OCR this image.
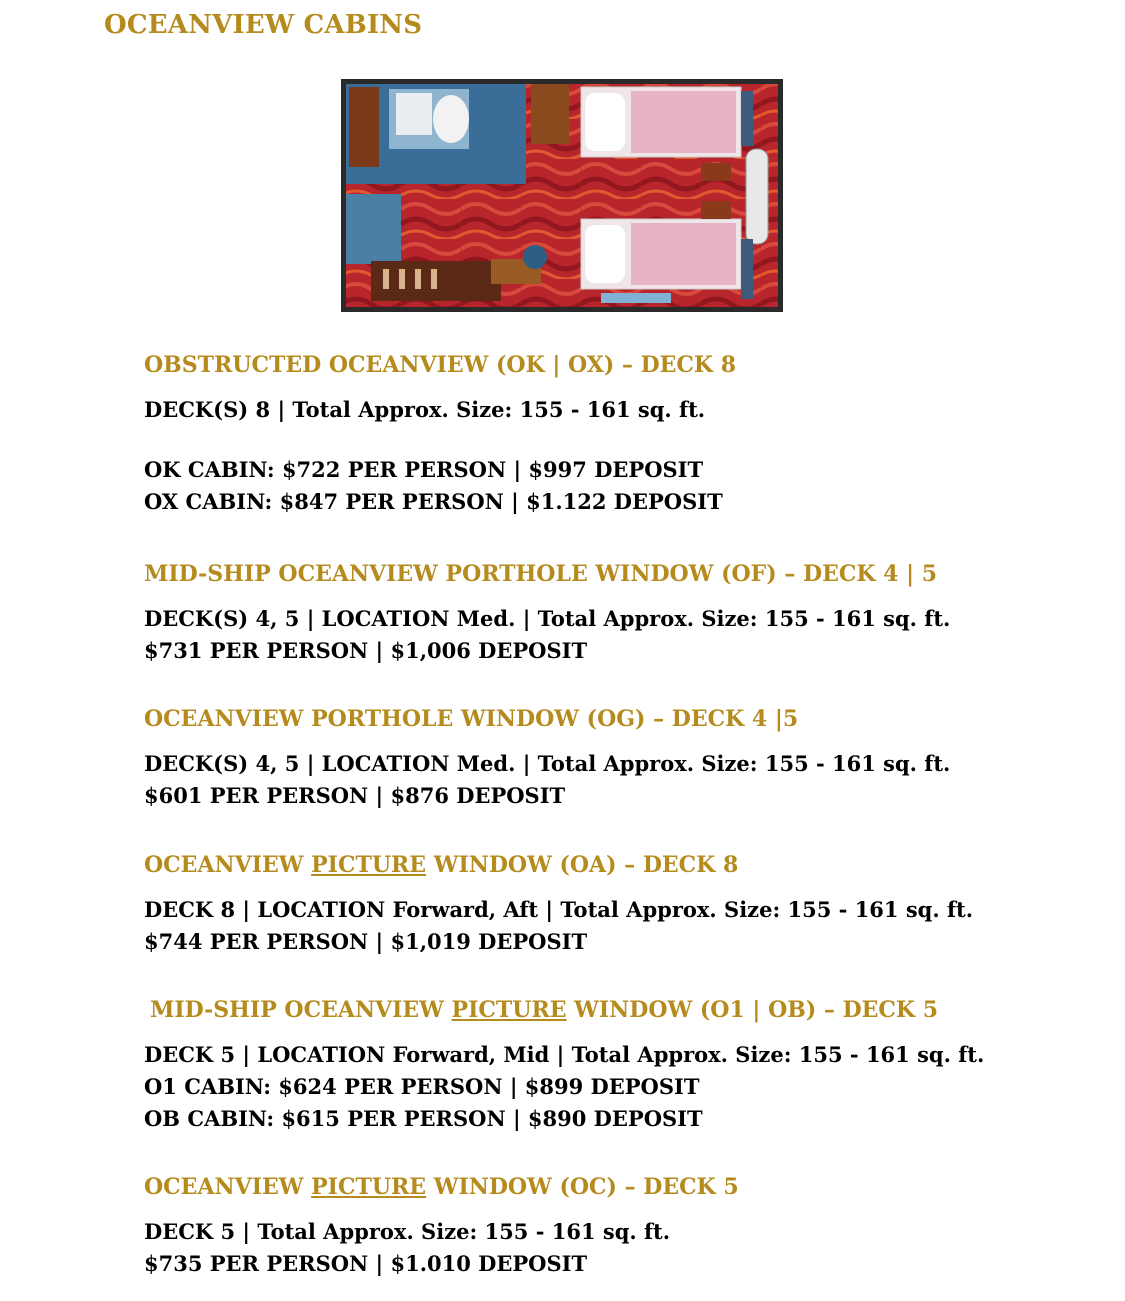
OCEANVIEW CABINS
OBSTRUCTED OCEANVIEW (OK | OX) – DECK 8
DECK(S) 8 | Total Approx. Size: 155 - 161 sq. ft.
OK CABIN: $722 PER PERSON | $997 DEPOSIT
OX CABIN: $847 PER PERSON | $1.122 DEPOSIT
MID-SHIP OCEANVIEW PORTHOLE WINDOW (OF) – DECK 4 | 5
DECK(S) 4, 5 | LOCATION Med. | Total Approx. Size: 155 - 161 sq. ft.
$731 PER PERSON | $1,006 DEPOSIT
OCEANVIEW PORTHOLE WINDOW (OG) – DECK 4 |5
DECK(S) 4, 5 | LOCATION Med. | Total Approx. Size: 155 - 161 sq. ft.
$601 PER PERSON | $876 DEPOSIT
OCEANVIEW PICTURE WINDOW (OA) – DECK 8
DECK 8 | LOCATION Forward, Aft | Total Approx. Size: 155 - 161 sq. ft.
$744 PER PERSON | $1,019 DEPOSIT
MID-SHIP OCEANVIEW PICTURE WINDOW (O1 | OB) – DECK 5
DECK 5 | LOCATION Forward, Mid | Total Approx. Size: 155 - 161 sq. ft.
O1 CABIN: $624 PER PERSON | $899 DEPOSIT
OB CABIN: $615 PER PERSON | $890 DEPOSIT
OCEANVIEW PICTURE WINDOW (OC) – DECK 5
DECK 5 | Total Approx. Size: 155 - 161 sq. ft.
$735 PER PERSON | $1.010 DEPOSIT
